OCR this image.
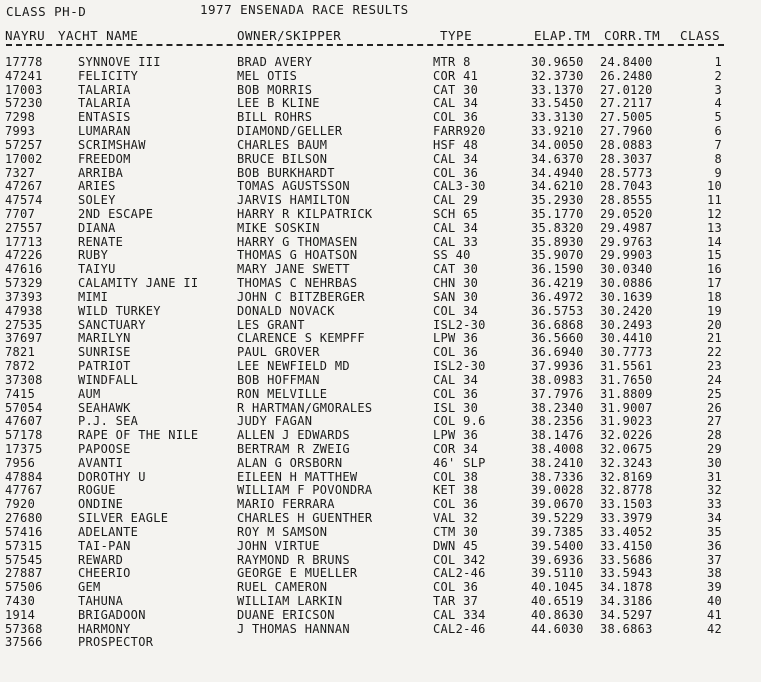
CLASS PH-D	1977 ENSENADA RACE RESULTS
NAYRU YACHT NAME	OWNER/SKIPPER	TYPE	ELAP.TM CORR.TM CLASS
17778	SYNNOVE III	BRAD AVERY	MTR 8	30.9650 24.8400	1
47241	FELICITY	MEL OTIS	COR 41	32.3730 26.2480	2
17003	TALARIA	BOB MORRIS	CAT 30	33.1370 27.0120	3
57230	TALARIA	LEE B KLINE	CAL 34	33.5450 27.2117	4
7298	ENTASIS	BILL ROHRS	COL 36	33.3130 27.5005	5
7993	LUMARAN	DIAMOND/GELLER	FARR920	33.9210 27.7960	6
57257	SCRIMSHAW	CHARLES BAUM	HSF 48	34.0050 28.0883	7
17002	FREEDOM	BRUCE BILSON	CAL 34	34.6370 28.3037	8
7327	ARRIBA	BOB BURKHARDT	COL 36	34.4940 28.5773	9
47267	ARIES	TOMAS AGUSTSSON	CAL3-30	34.6210 28.7043	10
47574	SOLEY	JARVIS HAMILTON	CAL 29	35.2930 28.8555	11
7707	2ND ESCAPE	HARRY R KILPATRICK	SCH 65	35.1770 29.0520	12
27557	DIANA	MIKE SOSKIN	CAL 34	35.8320 29.4987	13
17713	RENATE	HARRY G THOMASEN	CAL 33	35.8930 29.9763	14
47226	RUBY	THOMAS G HOATSON	SS 40	35.9070 29.9903	15
47616	TAIYU	MARY JANE SWETT	CAT 30	36.1590 30.0340	16
57329	CALAMITY JANE II	THOMAS C NEHRBAS	CHN 30	36.4219 30.0886	17
37393	MIMI	JOHN C BITZBERGER	SAN 30	36.4972 30.1639	18
47938	WILD TURKEY	DONALD NOVACK	COL 34	36.5753 30.2420	19
27535	SANCTUARY	LES GRANT	ISL2-30	36.6868 30.2493	20
37697	MARILYN	CLARENCE S KEMPFF	LPW 36	36.5660 30.4410	21
7821	SUNRISE	PAUL GROVER	COL 36	36.6940 30.7773	22
7872	PATRIOT	LEE NEWFIELD MD	ISL2-30	37.9936 31.5561	23
37308	WINDFALL	BOB HOFFMAN	CAL 34	38.0983 31.7650	24
7415	AUM	RON MELVILLE	COL 36	37.7976 31.8809	25
57054	SEAHAWK	R HARTMAN/GMORALES	ISL 30	38.2340 31.9007	26
47607	P.J. SEA	JUDY FAGAN	COL 9.6	38.2356 31.9023	27
57178	RAPE OF THE NILE	ALLEN J EDWARDS	LPW 36	38.1476 32.0226	28
17375	PAPOOSE	BERTRAM R ZWEIG	COR 34	38.4008 32.0675	29
7956	AVANTI	ALAN G ORSBORN	46' SLP	38.2410 32.3243	30
47884	DOROTHY U	EILEEN H MATTHEW	COL 38	38.7336 32.8169	31
47767	ROGUE	WILLIAM F POVONDRA	KET 38	39.0028 32.8778	32
7920	ONDINE	MARIO FERRARA	COL 36	39.0670 33.1503	33
27680	SILVER EAGLE	CHARLES H GUENTHER	VAL 32	39.5229 33.3979	34
57416	ADELANTE	ROY M SAMSON	CTM 30	39.7385 33.4052	35
57315	TAI-PAN	JOHN VIRTUE	DWN 45	39.5400 33.4150	36
57545	REWARD	RAYMOND R BRUNS	COL 342	39.6936 33.5686	37
27887	CHEERIO	GEORGE E MUELLER	CAL2-46	39.5110 33.5943	38
57506	GEM	RUEL CAMERON	COL 36	40.1045 34.1878	39
7430	TAHUNA	WILLIAM LARKIN	TAR 37	40.6519 34.3186	40
1914	BRIGADOON	DUANE ERICSON	CAL 334	40.8630 34.5297	41
57368	HARMONY	J THOMAS HANNAN	CAL2-46	44.6030 38.6863	42
37566	PROSPECTOR
